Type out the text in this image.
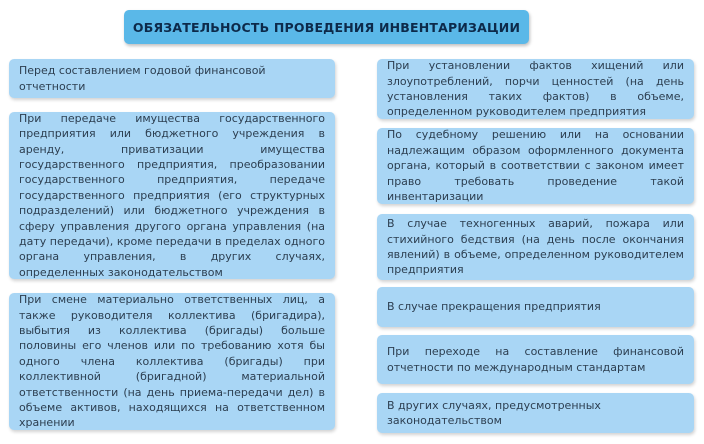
ОБЯЗАТЕЛЬНОСТЬ ПРОВЕДЕНИЯ ИНВЕНТАРИЗАЦИИ
Перед составлением годовой финансовой отчетности
При передаче имущества государственного предприятия или бюджетного учреждения в аренду, приватизации имущества государственного предприятия, преобразовании государственного предприятия, передаче государственного предприятия (его структурных подразделений) или бюджетного учреждения в сферу управления другого органа управления (на дату передачи), кроме передачи в пределах одного органа управления, в других случаях, определенных законодательством
При смене материально ответственных лиц, а также руководителя коллектива (бригадира), выбытия из коллектива (бригады) больше половины его членов или по требованию хотя бы одного члена коллектива (бригады) при коллективной (бригадной) материальной ответственности (на день приема-передачи дел) в объеме активов, находящихся на ответственном хранении
При установлении фактов хищений или злоупотреблений, порчи ценностей (на день установления таких фактов) в объеме, определенном руководителем предприятия
По судебному решению или на основании надлежащим образом оформленного документа органа, который в соответствии с законом имеет право требовать проведение такой инвентаризации
В случае техногенных аварий, пожара или стихийного бедствия (на день после окончания явлений) в объеме, определенном руководителем предприятия
В случае прекращения предприятия
При переходе на составление финансовой отчетности по международным стандартам
В других случаях, предусмотренных законодательством
